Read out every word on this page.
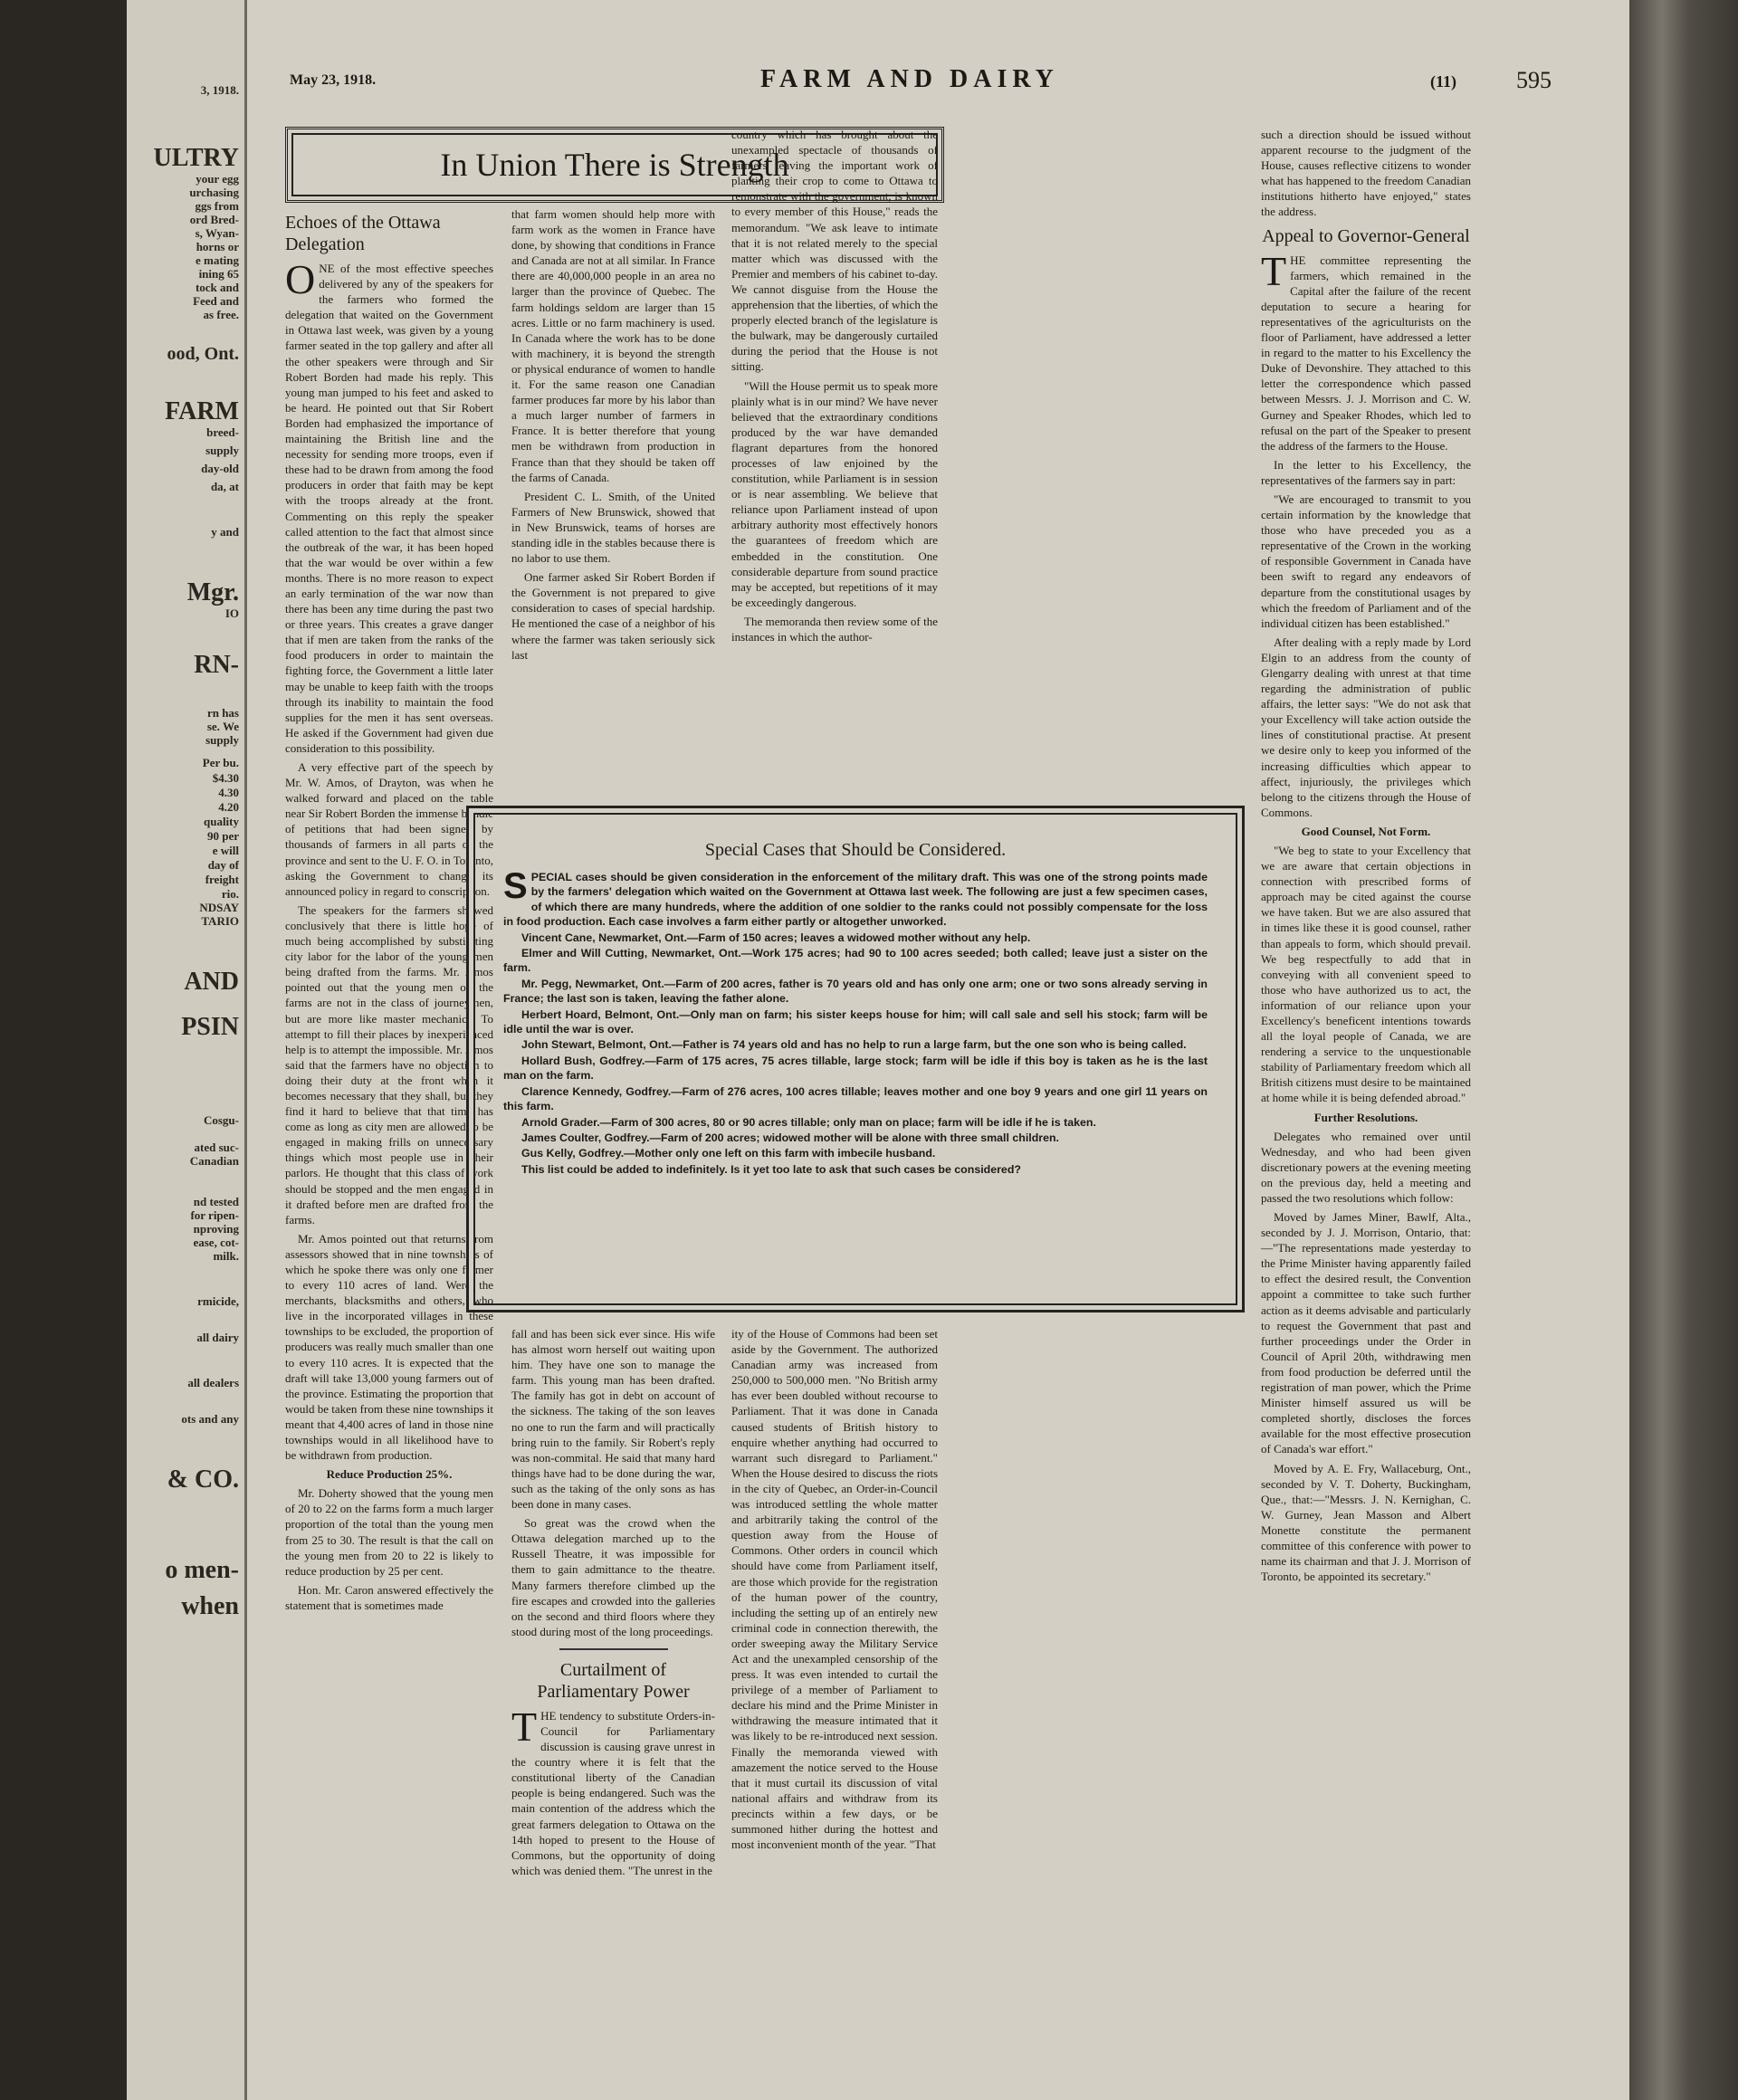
3, 1918.
ULTRY
your egg
urchasing
ggs from
ord Bred-
s, Wyan-
horns or
e mating
ining 65
tock and
Feed and
as free.
ood, Ont.
FARM
breed-
supply
day-old
da, at
y and
Mgr.
IO
RN-
rn has
se. We
supply
Per bu.
$4.30
4.30
4.20
quality
90 per
e will
day of
freight
rio.
NDSAY
TARIO
AND
PSIN
Cosgu-
ated suc-
Canadian
nd tested
for ripen-
nproving
ease, cot-
milk.
rmicide,
all dairy
all dealers
ots and any
& CO.
o men-
when
May 23, 1918.	FARM AND DAIRY	(11)	595
In Union There is Strength
Echoes of the Ottawa Delegation

ONE of the most effective speeches delivered by any of the speakers for the farmers who formed the delegation that waited on the Government in Ottawa last week, was given by a young farmer seated in the top gallery and after all the other speakers were through and Sir Robert Borden had made his reply. This young man jumped to his feet and asked to be heard. He pointed out that Sir Robert Borden had emphasized the importance of maintaining the British line and the necessity for sending more troops, even if these had to be drawn from among the food producers in order that faith may be kept with the troops already at the front. Commenting on this reply the speaker called attention to the fact that almost since the outbreak of the war, it has been hoped that the war would be over within a few months. There is no more reason to expect an early termination of the war now than there has been any time during the past two or three years. This creates a grave danger that if men are taken from the ranks of the food producers in order to maintain the fighting force, the Government a little later may be unable to keep faith with the troops through its inability to maintain the food supplies for the men it has sent overseas. He asked if the Government had given due consideration to this possibility.

A very effective part of the speech by Mr. W. Amos, of Drayton, was when he walked forward and placed on the table near Sir Robert Borden the immense bundle of petitions that had been signed by thousands of farmers in all parts of the province and sent to the U. F. O. in Toronto, asking the Government to change its announced policy in regard to conscription.

The speakers for the farmers showed conclusively that there is little hope of much being accomplished by substituting city labor for the labor of the young men being drafted from the farms. Mr. Amos pointed out that the young men on the farms are not in the class of journeymen, but are more like master mechanics. To attempt to fill their places by inexperienced help is to attempt the impossible. Mr. Amos said that the farmers have no objection to doing their duty at the front when it becomes necessary that they shall, but they find it hard to believe that that time has come as long as city men are allowed to be engaged in making frills on unnecessary things which most people use in their parlors. He thought that this class of work should be stopped and the men engaged in it drafted before men are drafted from the farms.

Mr. Amos pointed out that returns from assessors showed that in nine townships of which he spoke there was only one farmer to every 110 acres of land. Were the merchants, blacksmiths and others, who live in the incorporated villages in these townships to be excluded, the proportion of producers was really much smaller than one to every 110 acres. It is expected that the draft will take 13,000 young farmers out of the province. Estimating the proportion that would be taken from these nine townships it meant that 4,400 acres of land in those nine townships would in all likelihood have to be withdrawn from production.

Reduce Production 25%.

Mr. Doherty showed that the young men of 20 to 22 on the farms form a much larger proportion of the total than the young men from 25 to 30. The result is that the call on the young men from 20 to 22 is likely to reduce production by 25 per cent.

Hon. Mr. Caron answered effectively the statement that is sometimes made

that farm women should help more with farm work as the women in France have done, by showing that conditions in France and Canada are not at all similar. In France there are 40,000,000 people in an area no larger than the province of Quebec. The farm holdings seldom are larger than 15 acres. Little or no farm machinery is used. In Canada where the work has to be done with machinery, it is beyond the strength or physical endurance of women to handle it. For the same reason one Canadian farmer produces far more by his labor than a much larger number of farmers in France. It is better therefore that young men be withdrawn from production in France than that they should be taken off the farms of Canada.

President C. L. Smith, of the United Farmers of New Brunswick, showed that in New Brunswick, teams of horses are standing idle in the stables because there is no labor to use them.

One farmer asked Sir Robert Borden if the Government is not prepared to give consideration to cases of special hardship. He mentioned the case of a neighbor of his where the farmer was taken seriously sick last

country which has brought about the unexampled spectacle of thousands of farmers leaving the important work of planting their crop to come to Ottawa to remonstrate with the government, is known to every member of this House," reads the memorandum. "We ask leave to intimate that it is not related merely to the special matter which was discussed with the Premier and members of his cabinet to-day. We cannot disguise from the House the apprehension that the liberties, of which the properly elected branch of the legislature is the bulwark, may be dangerously curtailed during the period that the House is not sitting.

"Will the House permit us to speak more plainly what is in our mind? We have never believed that the extraordinary conditions produced by the war have demanded flagrant departures from the honored processes of law enjoined by the constitution, while Parliament is in session or is near assembling. We believe that reliance upon Parliament instead of upon arbitrary authority most effectively honors the guarantees of freedom which are embedded in the constitution. One considerable departure from sound practice may be accepted, but repetitions of it may be exceedingly dangerous.

The memoranda then review some of the instances in which the author-

Special Cases that Should be Considered.

SPECIAL cases should be given consideration in the enforcement of the military draft. This was one of the strong points made by the farmers' delegation which waited on the Government at Ottawa last week. The following are just a few specimen cases, of which there are many hundreds, where the addition of one soldier to the ranks could not possibly compensate for the loss in food production. Each case involves a farm either partly or altogether unworked.

Vincent Cane, Newmarket, Ont.—Farm of 150 acres; leaves a widowed mother without any help.

Elmer and Will Cutting, Newmarket, Ont.—Work 175 acres; had 90 to 100 acres seeded; both called; leave just a sister on the farm.

Mr. Pegg, Newmarket, Ont.—Farm of 200 acres, father is 70 years old and has only one arm; one or two sons already serving in France; the last son is taken, leaving the father alone.

Herbert Hoard, Belmont, Ont.—Only man on farm; his sister keeps house for him; will call sale and sell his stock; farm will be idle until the war is over.

John Stewart, Belmont, Ont.—Father is 74 years old and has no help to run a large farm, but the one son who is being called.

Hollard Bush, Godfrey.—Farm of 175 acres, 75 acres tillable, large stock; farm will be idle if this boy is taken as he is the last man on the farm.

Clarence Kennedy, Godfrey.—Farm of 276 acres, 100 acres tillable; leaves mother and one boy 9 years and one girl 11 years on this farm.

Arnold Grader.—Farm of 300 acres, 80 or 90 acres tillable; only man on place; farm will be idle if he is taken.

James Coulter, Godfrey.—Farm of 200 acres; widowed mother will be alone with three small children.

Gus Kelly, Godfrey.—Mother only one left on this farm with imbecile husband.

This list could be added to indefinitely. Is it yet too late to ask that such cases be considered?

fall and has been sick ever since. His wife has almost worn herself out waiting upon him. They have one son to manage the farm. This young man has been drafted. The family has got in debt on account of the sickness. The taking of the son leaves no one to run the farm and will practically bring ruin to the family. Sir Robert's reply was non-commital. He said that many hard things have had to be done during the war, such as the taking of the only sons as has been done in many cases.

So great was the crowd when the Ottawa delegation marched up to the Russell Theatre, it was impossible for them to gain admittance to the theatre. Many farmers therefore climbed up the fire escapes and crowded into the galleries on the second and third floors where they stood during most of the long proceedings.

Curtailment of Parliamentary Power

THE tendency to substitute Orders-in-Council for Parliamentary discussion is causing grave unrest in the country where it is felt that the constitutional liberty of the Canadian people is being endangered. Such was the main contention of the address which the great farmers delegation to Ottawa on the 14th hoped to present to the House of Commons, but the opportunity of doing which was denied them. "The unrest in the

ity of the House of Commons had been set aside by the Government. The authorized Canadian army was increased from 250,000 to 500,000 men. "No British army has ever been doubled without recourse to Parliament. That it was done in Canada caused students of British history to enquire whether anything had occurred to warrant such disregard to Parliament." When the House desired to discuss the riots in the city of Quebec, an Order-in-Council was introduced settling the whole matter and arbitrarily taking the control of the question away from the House of Commons. Other orders in council which should have come from Parliament itself, are those which provide for the registration of the human power of the country, including the setting up of an entirely new criminal code in connection therewith, the order sweeping away the Military Service Act and the unexampled censorship of the press. It was even intended to curtail the privilege of a member of Parliament to declare his mind and the Prime Minister in withdrawing the measure intimated that it was likely to be re-introduced next session. Finally the memoranda viewed with amazement the notice served to the House that it must curtail its discussion of vital national affairs and withdraw from its precincts within a few days, or be summoned hither during the hottest and most inconvenient month of the year. "That

such a direction should be issued without apparent recourse to the judgment of the House, causes reflective citizens to wonder what has happened to the freedom Canadian institutions hitherto have enjoyed," states the address.

Appeal to Governor-General

THE committee representing the farmers, which remained in the Capital after the failure of the recent deputation to secure a hearing for representatives of the agriculturists on the floor of Parliament, have addressed a letter in regard to the matter to his Excellency the Duke of Devonshire. They attached to this letter the correspondence which passed between Messrs. J. J. Morrison and C. W. Gurney and Speaker Rhodes, which led to refusal on the part of the Speaker to present the address of the farmers to the House.

In the letter to his Excellency, the representatives of the farmers say in part:

"We are encouraged to transmit to you certain information by the knowledge that those who have preceded you as a representative of the Crown in the working of responsible Government in Canada have been swift to regard any endeavors of departure from the constitutional usages by which the freedom of Parliament and of the individual citizen has been established."

After dealing with a reply made by Lord Elgin to an address from the county of Glengarry dealing with unrest at that time regarding the administration of public affairs, the letter says: "We do not ask that your Excellency will take action outside the lines of constitutional practise. At present we desire only to keep you informed of the increasing difficulties which appear to affect, injuriously, the privileges which belong to the citizens through the House of Commons.

Good Counsel, Not Form.

"We beg to state to your Excellency that we are aware that certain objections in connection with prescribed forms of approach may be cited against the course we have taken. But we are also assured that in times like these it is good counsel, rather than appeals to form, which should prevail. We beg respectfully to add that in conveying with all convenient speed to those who have authorized us to act, the information of our reliance upon your Excellency's beneficent intentions towards all the loyal people of Canada, we are rendering a service to the unquestionable stability of Parliamentary freedom which all British citizens must desire to be maintained at home while it is being defended abroad."

Further Resolutions.

Delegates who remained over until Wednesday, and who had been given discretionary powers at the evening meeting on the previous day, held a meeting and passed the two resolutions which follow:

Moved by James Miner, Bawlf, Alta., seconded by J. J. Morrison, Ontario, that:—"The representations made yesterday to the Prime Minister having apparently failed to effect the desired result, the Convention appoint a committee to take such further action as it deems advisable and particularly to request the Government that past and further proceedings under the Order in Council of April 20th, withdrawing men from food production be deferred until the registration of man power, which the Prime Minister himself assured us will be completed shortly, discloses the forces available for the most effective prosecution of Canada's war effort."

Moved by A. E. Fry, Wallaceburg, Ont., seconded by V. T. Doherty, Buckingham, Que., that:—"Messrs. J. N. Kernighan, C. W. Gurney, Jean Masson and Albert Monette constitute the permanent committee of this conference with power to name its chairman and that J. J. Morrison of Toronto, be appointed its secretary."
